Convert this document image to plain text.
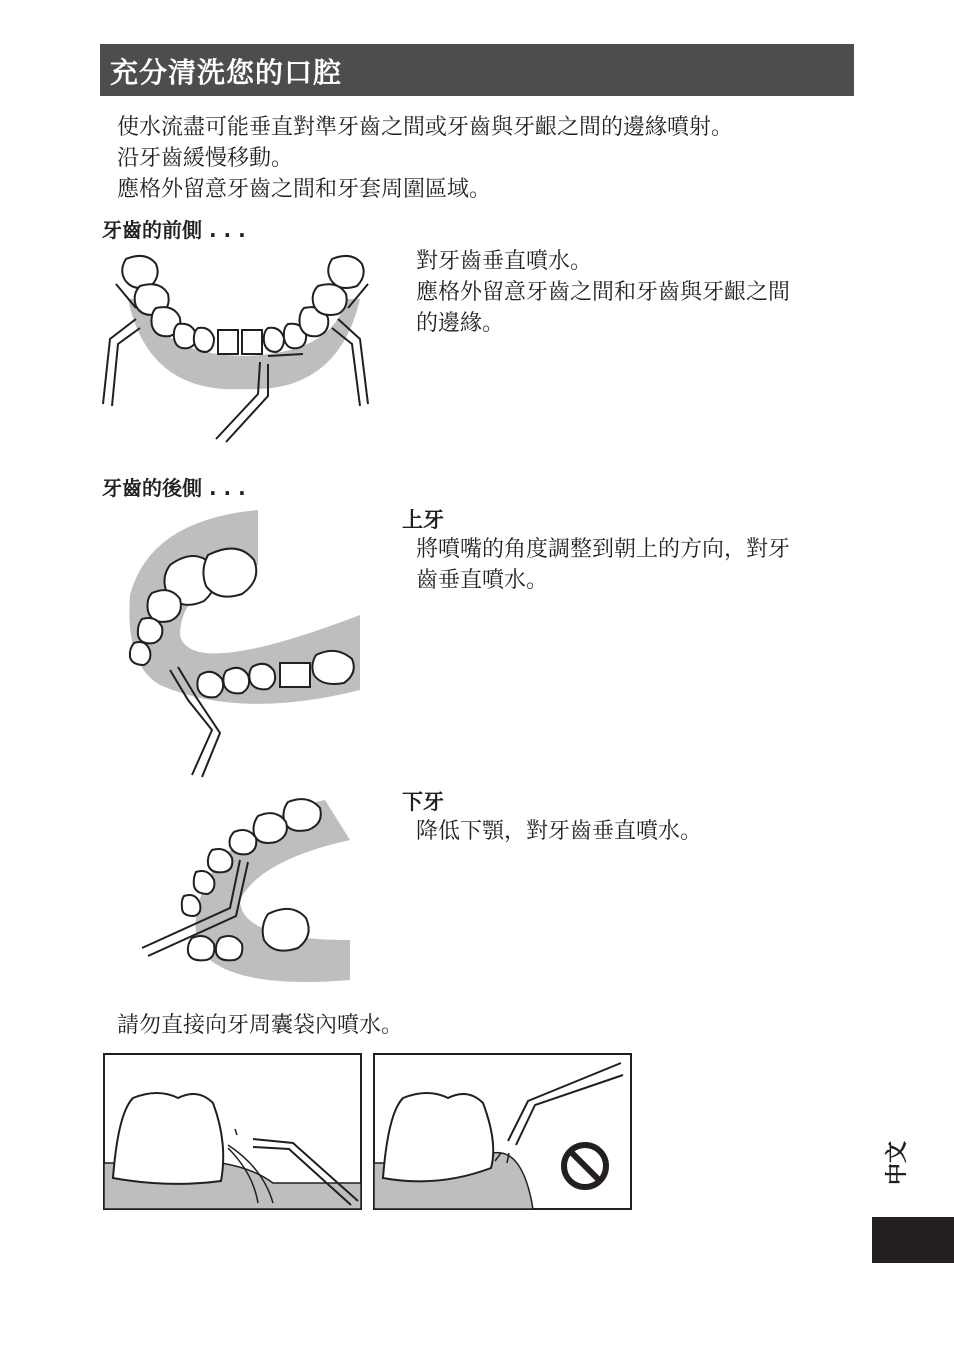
充分清洗您的口腔
使水流盡可能垂直對準牙齒之間或牙齒與牙齦之間的邊緣噴射。
沿牙齒緩慢移動。
應格外留意牙齒之間和牙套周圍區域。
牙齒的前側 . . .
對牙齒垂直噴水。
應格外留意牙齒之間和牙齒與牙齦之間
的邊緣。
牙齒的後側 . . .
上牙
將噴嘴的角度調整到朝上的方向，對牙
齒垂直噴水。
下牙
降低下顎，對牙齒垂直噴水。
請勿直接向牙周囊袋內噴水。
中文
